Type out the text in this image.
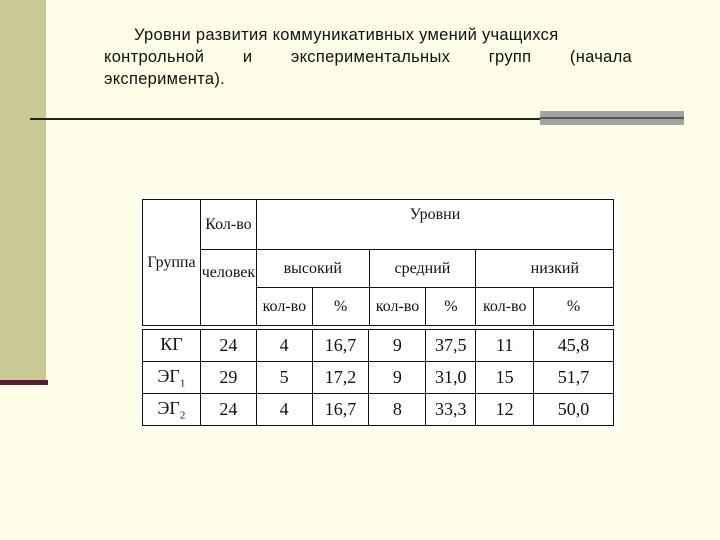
Уровни развития коммуникативных умений учащихся
контрольной и экспериментальных групп (начала
эксперимента).
Группа	Кол-во	Уровни					
	человек	высокий		средний		низкий	
		кол-во	%	кол-во	%	кол-во	%
КГ	24	4	16,7	9	37,5	11	45,8
$ЭГ_1$	29	5	17,2	9	31,0	15	51,7
$ЭГ_2$	24	4	16,7	8	33,3	12	50,0
